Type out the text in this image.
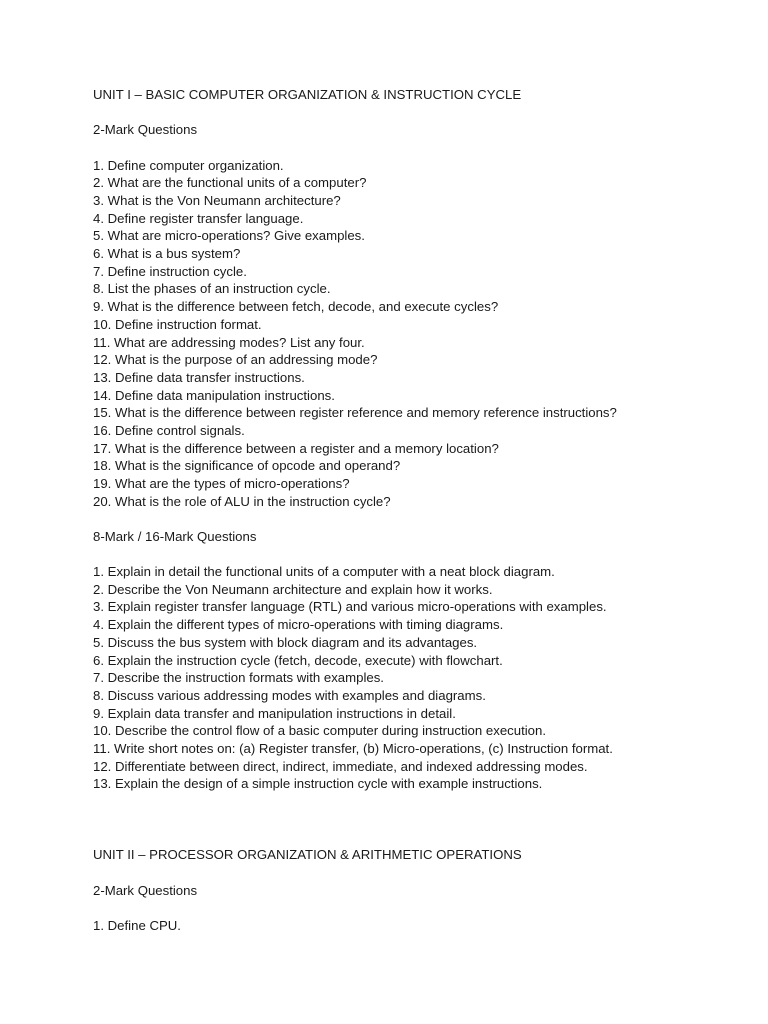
UNIT I – BASIC COMPUTER ORGANIZATION & INSTRUCTION CYCLE
2-Mark Questions
1. Define computer organization.
2. What are the functional units of a computer?
3. What is the Von Neumann architecture?
4. Define register transfer language.
5. What are micro-operations? Give examples.
6. What is a bus system?
7. Define instruction cycle.
8. List the phases of an instruction cycle.
9. What is the difference between fetch, decode, and execute cycles?
10. Define instruction format.
11. What are addressing modes? List any four.
12. What is the purpose of an addressing mode?
13. Define data transfer instructions.
14. Define data manipulation instructions.
15. What is the difference between register reference and memory reference instructions?
16. Define control signals.
17. What is the difference between a register and a memory location?
18. What is the significance of opcode and operand?
19. What are the types of micro-operations?
20. What is the role of ALU in the instruction cycle?
8-Mark / 16-Mark Questions
1. Explain in detail the functional units of a computer with a neat block diagram.
2. Describe the Von Neumann architecture and explain how it works.
3. Explain register transfer language (RTL) and various micro-operations with examples.
4. Explain the different types of micro-operations with timing diagrams.
5. Discuss the bus system with block diagram and its advantages.
6. Explain the instruction cycle (fetch, decode, execute) with flowchart.
7. Describe the instruction formats with examples.
8. Discuss various addressing modes with examples and diagrams.
9. Explain data transfer and manipulation instructions in detail.
10. Describe the control flow of a basic computer during instruction execution.
11. Write short notes on: (a) Register transfer, (b) Micro-operations, (c) Instruction format.
12. Differentiate between direct, indirect, immediate, and indexed addressing modes.
13. Explain the design of a simple instruction cycle with example instructions.
UNIT II – PROCESSOR ORGANIZATION & ARITHMETIC OPERATIONS
2-Mark Questions
1. Define CPU.
